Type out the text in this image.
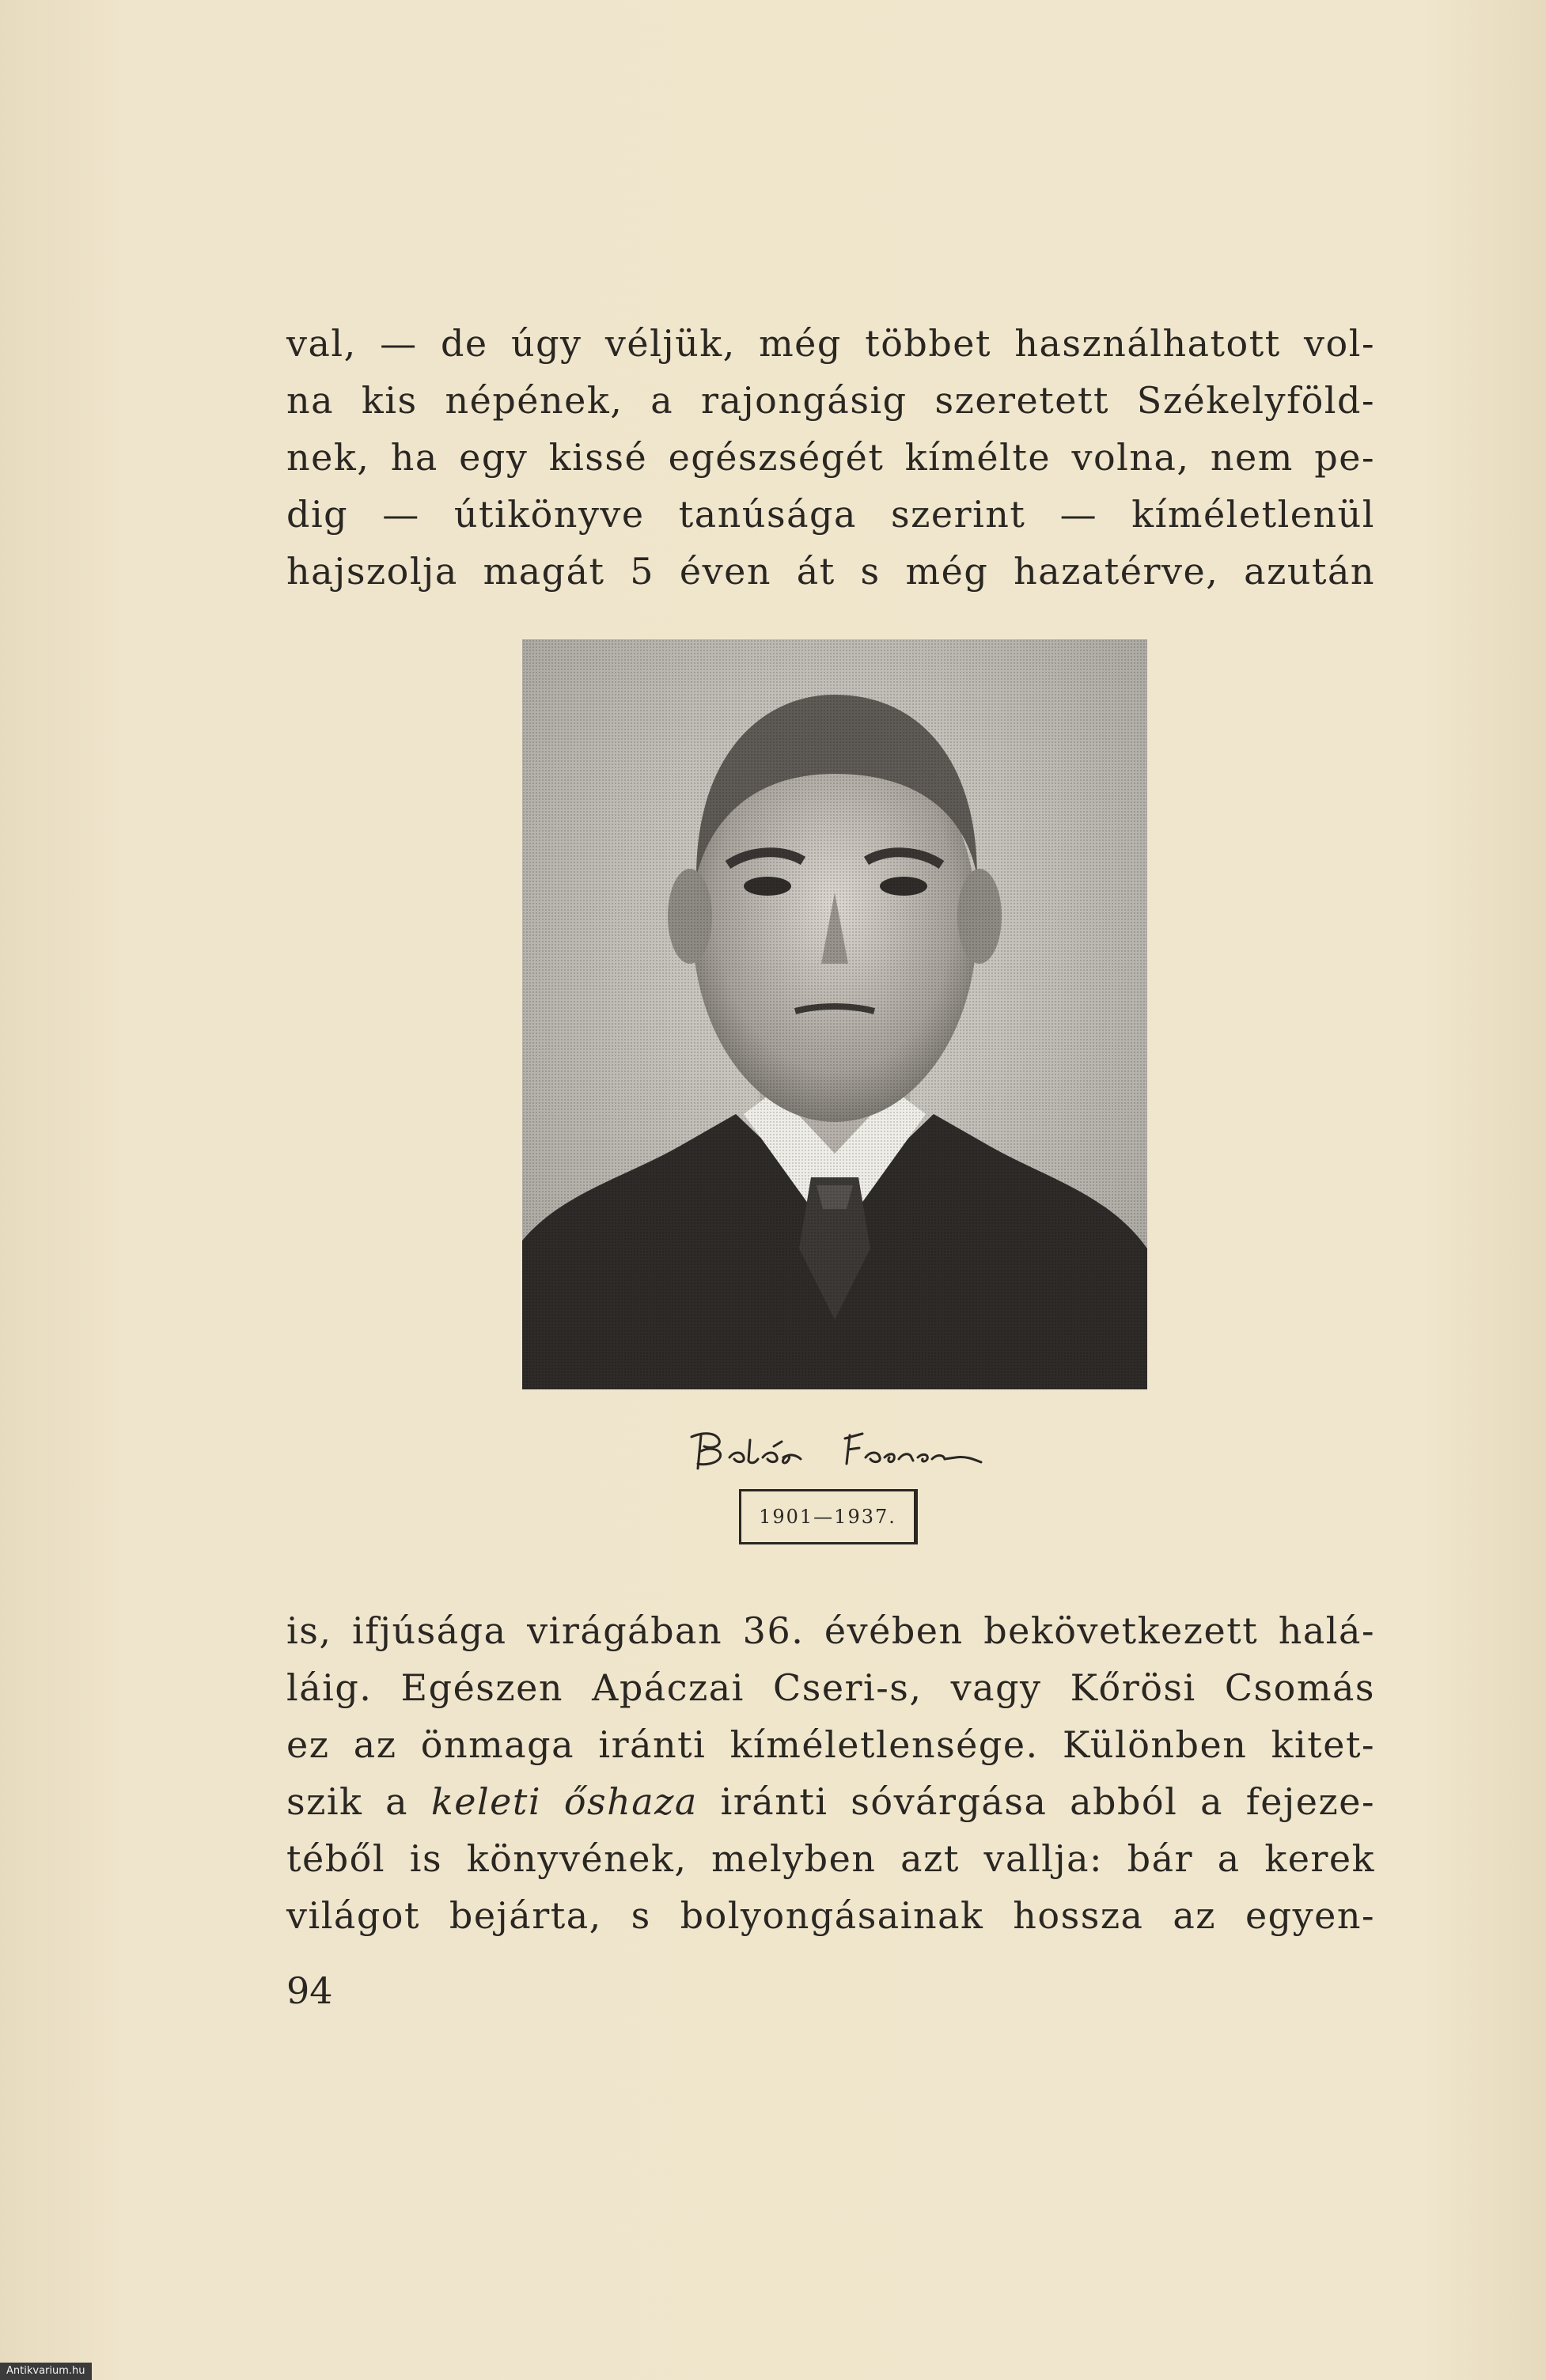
val, — de úgy véljük, még többet használhatott vol-
na kis népének, a rajongásig szeretett Székelyföld-
nek, ha egy kissé egészségét kímélte volna, nem pe-
dig — útikönyve tanúsága szerint — kíméletlenül
hajszolja magát 5 éven át s még hazatérve, azután
1901—1937.
is, ifjúsága virágában 36. évében bekövetkezett halá-
láig. Egészen Apáczai Cseri-s, vagy Kőrösi Csomás
ez az önmaga iránti kíméletlensége. Különben kitet-
szik a keleti őshaza iránti sóvárgása abból a fejeze-
téből is könyvének, melyben azt vallja: bár a kerek
világot bejárta, s bolyongásainak hossza az egyen-
94
Antikvarium.hu
